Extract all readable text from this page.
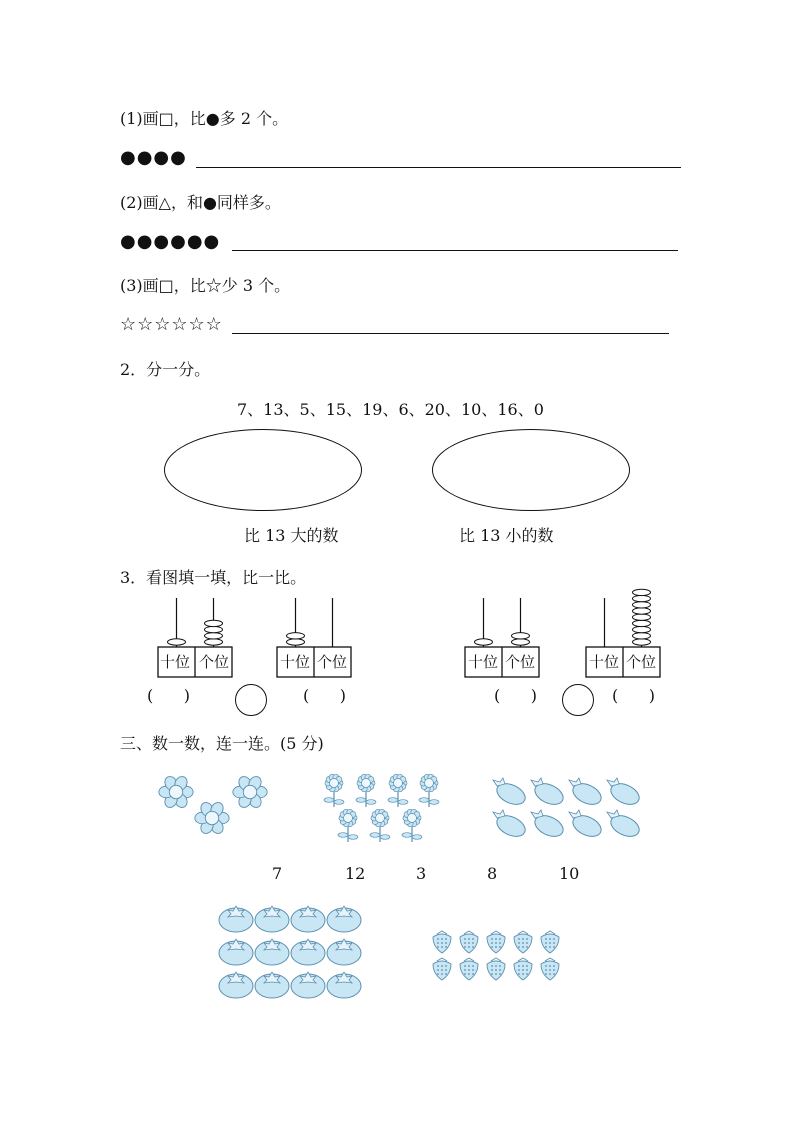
(1)画□，比●多 2 个。
●●●●
(2)画△，和●同样多。
●●●●●●
(3)画□，比☆少 3 个。
☆☆☆☆☆☆
2．分一分。
7、13、5、15、19、6、20、10、16、0
比 13 大的数	比 13 小的数
3．看图填一填，比一比。
十位 个位	十位 个位	十位 个位	十位 个位
(      )	(      )	(      )	(      )
三、数一数，连一连。(5 分)
7	12	3	8	10
